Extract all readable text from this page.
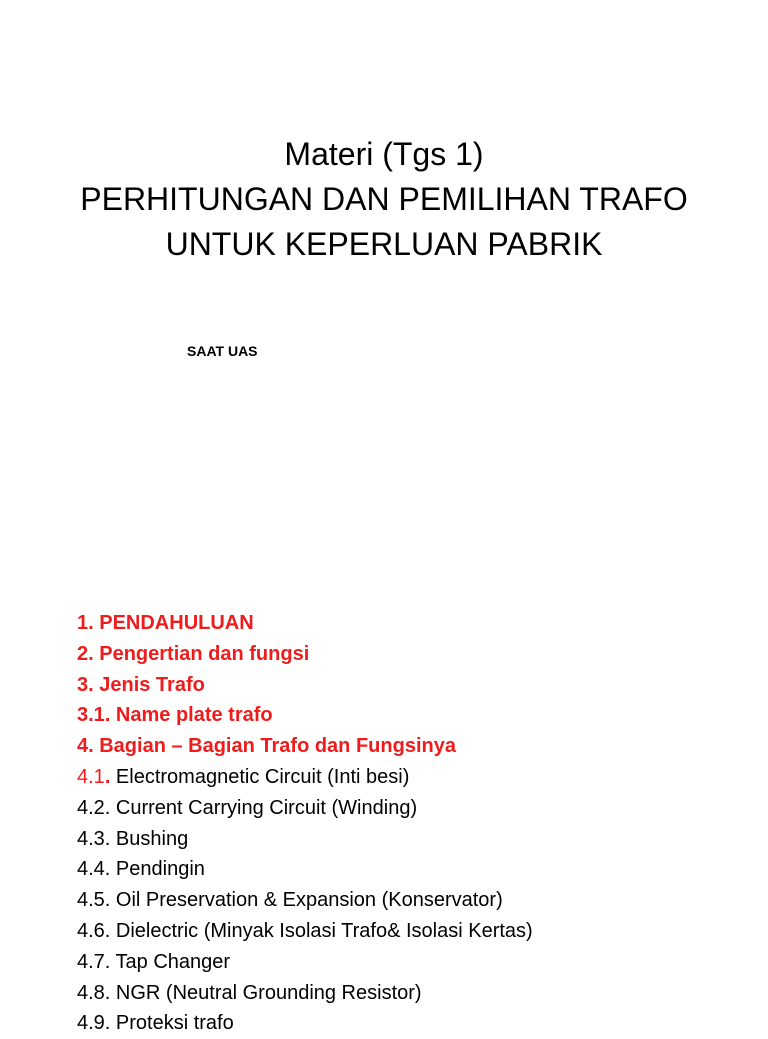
Materi (Tgs 1)
PERHITUNGAN DAN PEMILIHAN TRAFO
UNTUK KEPERLUAN PABRIK
SAAT UAS
1. PENDAHULUAN
2. Pengertian dan fungsi
3. Jenis Trafo
3.1. Name plate trafo
4. Bagian – Bagian Trafo dan Fungsinya
4.1. Electromagnetic Circuit (Inti besi)
4.2. Current Carrying Circuit (Winding)
4.3. Bushing
4.4. Pendingin
4.5. Oil Preservation & Expansion (Konservator)
4.6. Dielectric (Minyak Isolasi Trafo& Isolasi Kertas)
4.7. Tap Changer
4.8. NGR (Neutral Grounding Resistor)
4.9. Proteksi trafo
